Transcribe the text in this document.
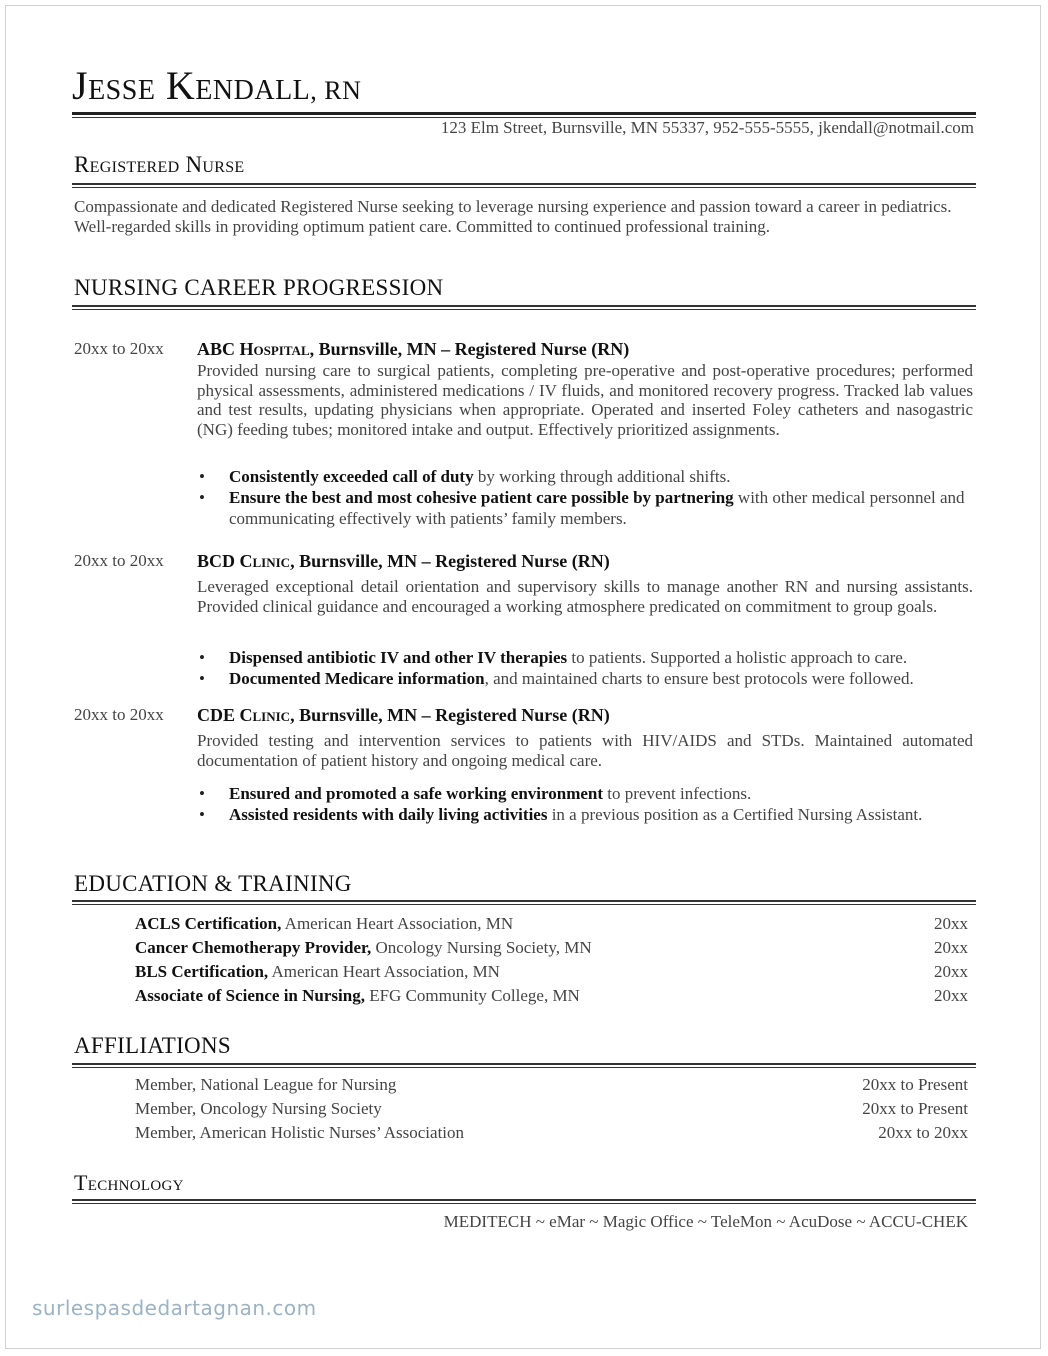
Jesse Kendall, RN
123 Elm Street, Burnsville, MN 55337, 952-555-5555, jkendall@notmail.com
Registered Nurse
Compassionate and dedicated Registered Nurse seeking to leverage nursing experience and passion toward a career in pediatrics. Well-regarded skills in providing optimum patient care. Committed to continued professional training.
NURSING CAREER PROGRESSION
20xx to 20xx ABC Hospital, Burnsville, MN – Registered Nurse (RN)
Provided nursing care to surgical patients, completing pre-operative and post-operative procedures; performed physical assessments, administered medications / IV fluids, and monitored recovery progress. Tracked lab values and test results, updating physicians when appropriate. Operated and inserted Foley catheters and nasogastric (NG) feeding tubes; monitored intake and output. Effectively prioritized assignments.
• Consistently exceeded call of duty by working through additional shifts.
• Ensure the best and most cohesive patient care possible by partnering with other medical personnel and communicating effectively with patients’ family members.
20xx to 20xx BCD Clinic, Burnsville, MN – Registered Nurse (RN)
Leveraged exceptional detail orientation and supervisory skills to manage another RN and nursing assistants. Provided clinical guidance and encouraged a working atmosphere predicated on commitment to group goals.
• Dispensed antibiotic IV and other IV therapies to patients. Supported a holistic approach to care.
• Documented Medicare information, and maintained charts to ensure best protocols were followed.
20xx to 20xx CDE Clinic, Burnsville, MN – Registered Nurse (RN)
Provided testing and intervention services to patients with HIV/AIDS and STDs. Maintained automated documentation of patient history and ongoing medical care.
• Ensured and promoted a safe working environment to prevent infections.
• Assisted residents with daily living activities in a previous position as a Certified Nursing Assistant.
EDUCATION & TRAINING
ACLS Certification, American Heart Association, MN	20xx
Cancer Chemotherapy Provider, Oncology Nursing Society, MN	20xx
BLS Certification, American Heart Association, MN	20xx
Associate of Science in Nursing, EFG Community College, MN	20xx
AFFILIATIONS
Member, National League for Nursing	20xx to Present
Member, Oncology Nursing Society	20xx to Present
Member, American Holistic Nurses’ Association	20xx to 20xx
Technology
MEDITECH ~ eMar ~ Magic Office ~ TeleMon ~ AcuDose ~ ACCU-CHEK
surlespasdedartagnan.com
